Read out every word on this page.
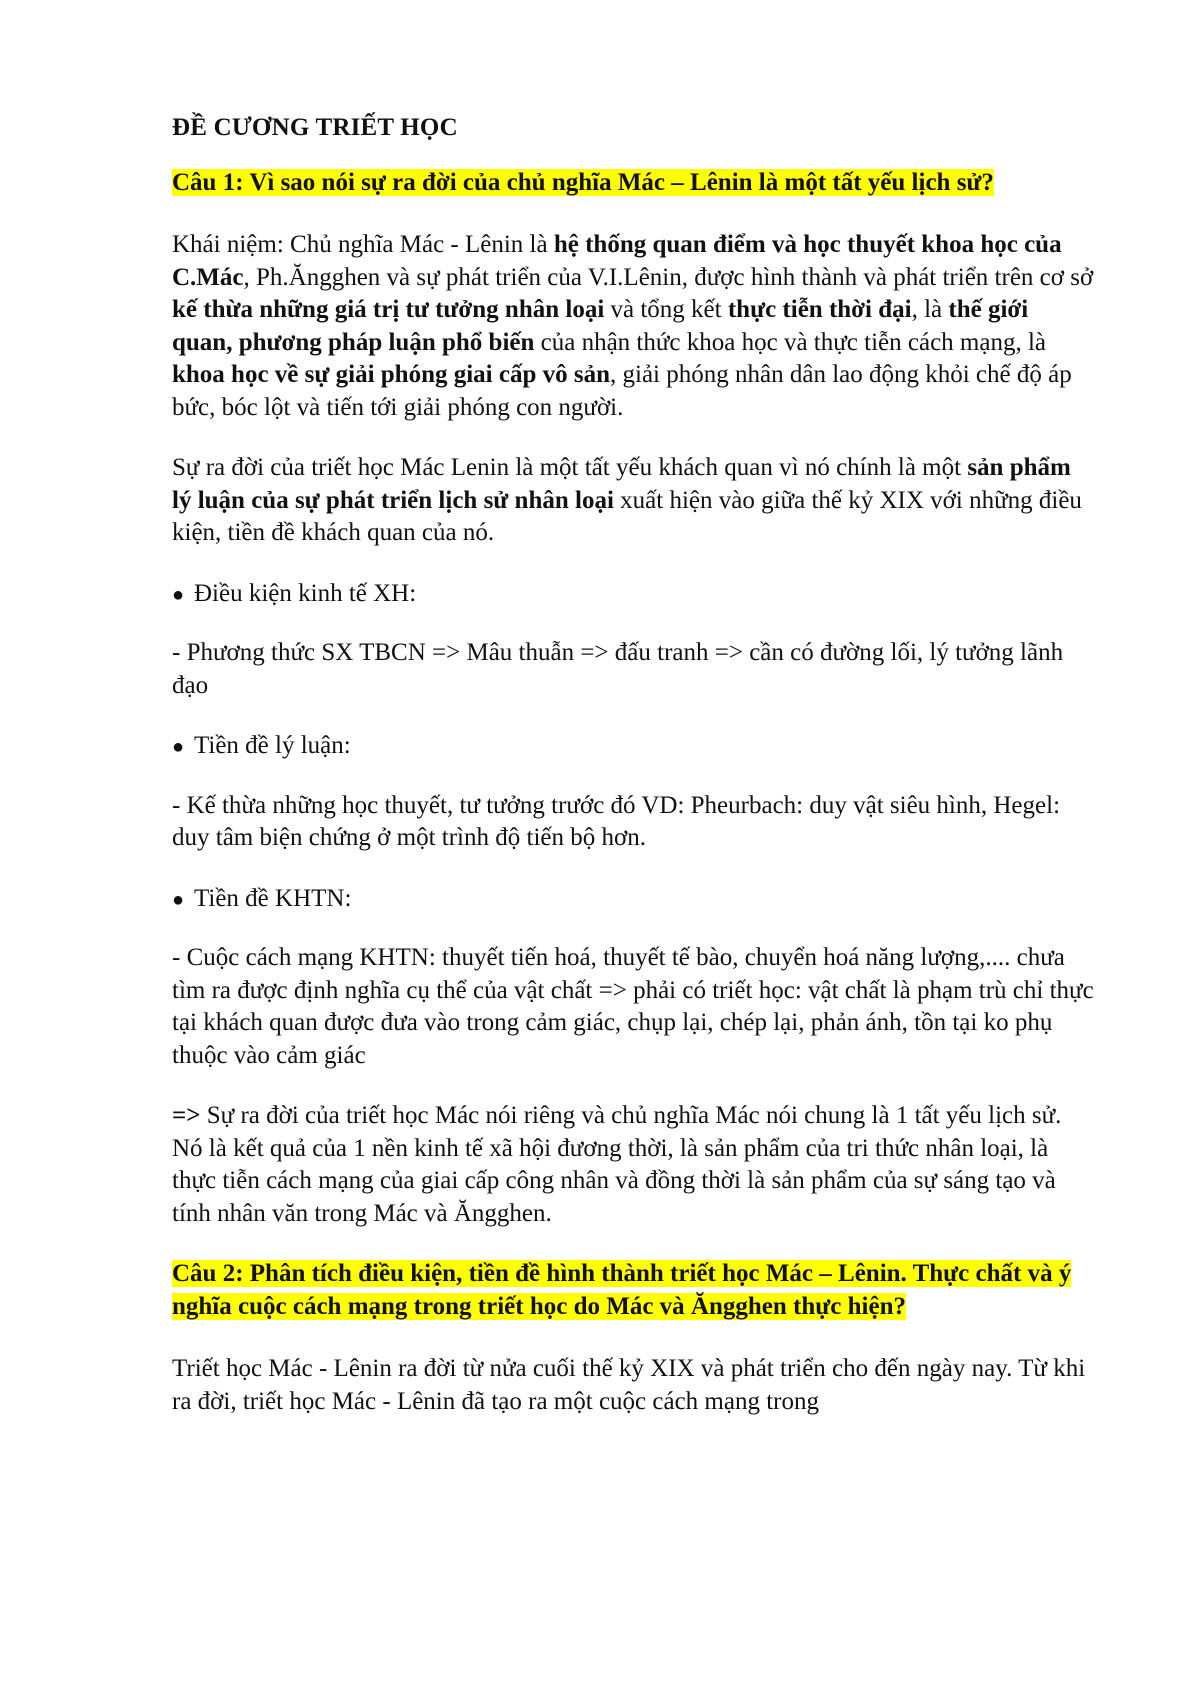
ĐỀ CƯƠNG TRIẾT HỌC
Câu 1: Vì sao nói sự ra đời của chủ nghĩa Mác – Lênin là một tất yếu lịch sử?

Khái niệm: Chủ nghĩa Mác - Lênin là hệ thống quan điểm và học thuyết khoa học của C.Mác, Ph.Ăngghen và sự phát triển của V.I.Lênin, được hình thành và phát triển trên cơ sở kế thừa những giá trị tư tưởng nhân loại và tổng kết thực tiễn thời đại, là thế giới quan, phương pháp luận phổ biến của nhận thức khoa học và thực tiễn cách mạng, là khoa học về sự giải phóng giai cấp vô sản, giải phóng nhân dân lao động khỏi chế độ áp bức, bóc lột và tiến tới giải phóng con người.

Sự ra đời của triết học Mác Lenin là một tất yếu khách quan vì nó chính là một sản phẩm lý luận của sự phát triển lịch sử nhân loại xuất hiện vào giữa thế kỷ XIX với những điều kiện, tiền đề khách quan của nó.

● Điều kiện kinh tế XH:

- Phương thức SX TBCN => Mâu thuẫn => đấu tranh => cần có đường lối, lý tưởng lãnh đạo

● Tiền đề lý luận:

- Kế thừa những học thuyết, tư tưởng trước đó VD: Pheurbach: duy vật siêu hình, Hegel: duy tâm biện chứng ở một trình độ tiến bộ hơn.

● Tiền đề KHTN:

- Cuộc cách mạng KHTN: thuyết tiến hoá, thuyết tế bào, chuyển hoá năng lượng,.... chưa tìm ra được định nghĩa cụ thể của vật chất => phải có triết học: vật chất là phạm trù chỉ thực tại khách quan được đưa vào trong cảm giác, chụp lại, chép lại, phản ánh, tồn tại ko phụ thuộc vào cảm giác

=> Sự ra đời của triết học Mác nói riêng và chủ nghĩa Mác nói chung là 1 tất yếu lịch sử. Nó là kết quả của 1 nền kinh tế xã hội đương thời, là sản phẩm của tri thức nhân loại, là thực tiễn cách mạng của giai cấp công nhân và đồng thời là sản phẩm của sự sáng tạo và tính nhân văn trong Mác và Ăngghen.

Câu 2: Phân tích điều kiện, tiền đề hình thành triết học Mác – Lênin. Thực chất và ý nghĩa cuộc cách mạng trong triết học do Mác và Ăngghen thực hiện?

Triết học Mác - Lênin ra đời từ nửa cuối thế kỷ XIX và phát triển cho đến ngày nay. Từ khi ra đời, triết học Mác - Lênin đã tạo ra một cuộc cách mạng trong
